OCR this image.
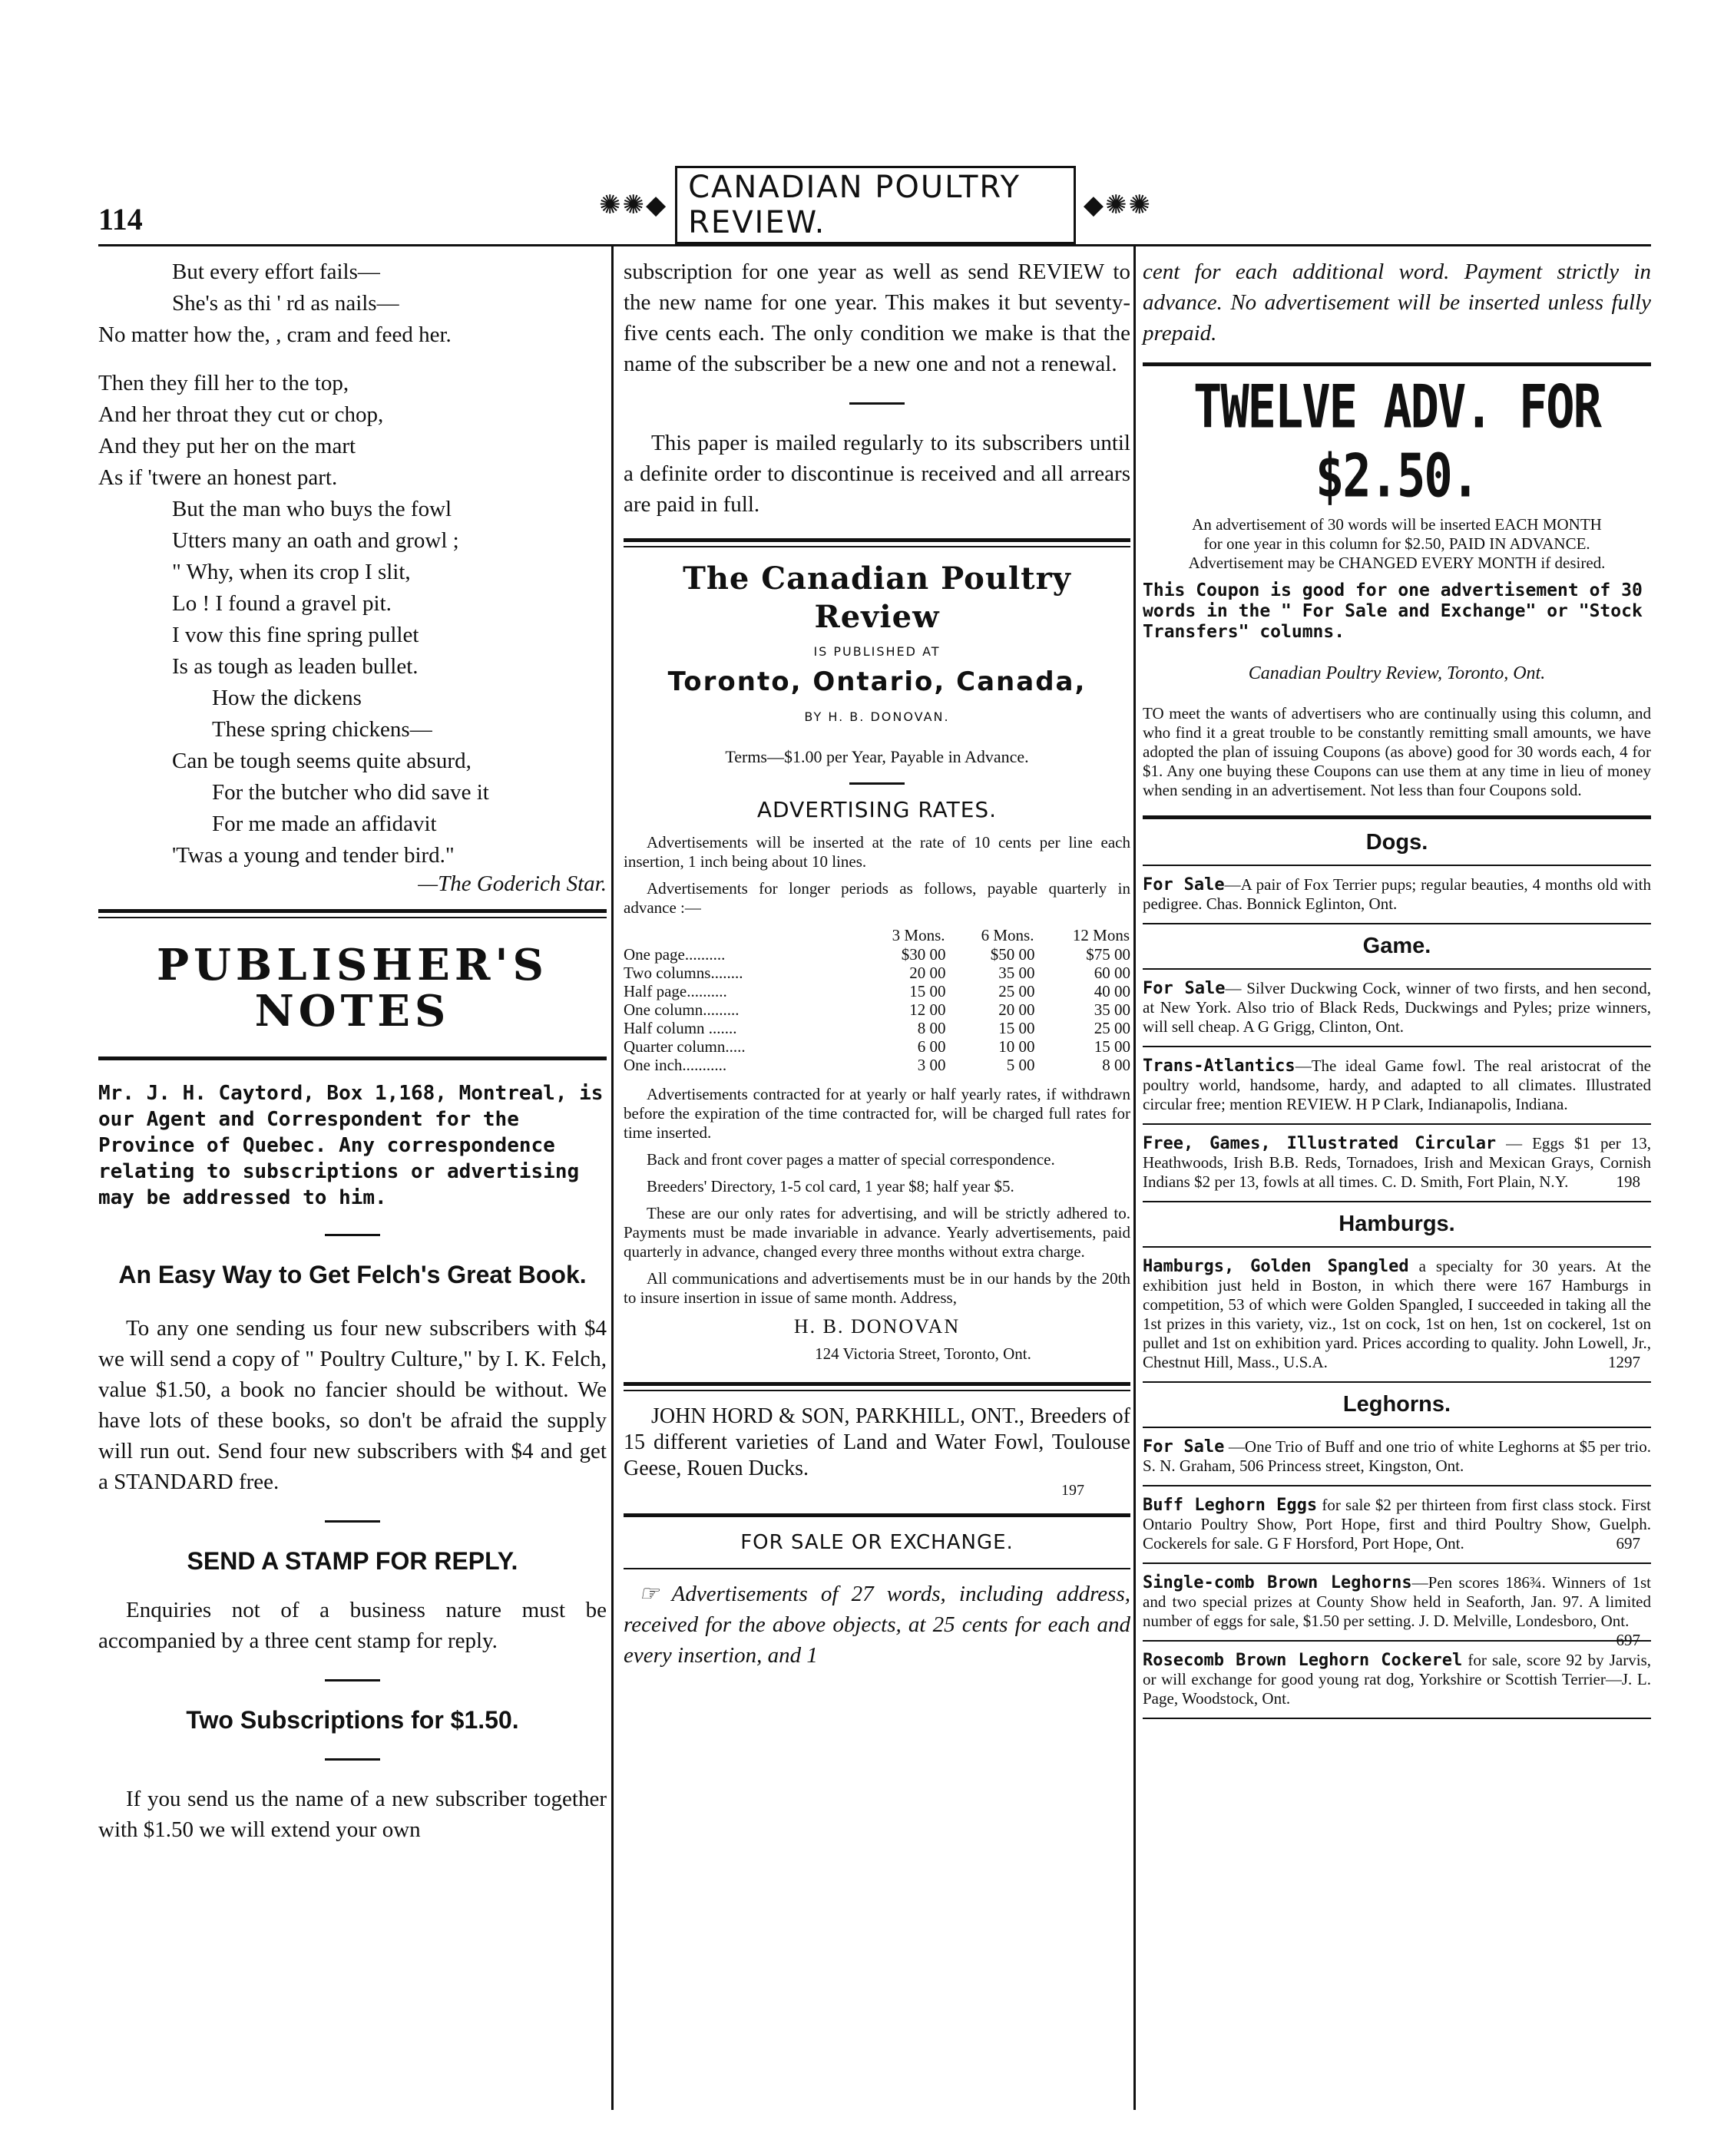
114	✺✺◆
CANADIAN POULTRY REVIEW.	◆✺✺

But every effort fails—

She's as thi ' rd as nails—

No matter how the, , cram and feed her.

Then they fill her to the top,

And her throat they cut or chop,

And they put her on the mart

As if 'twere an honest part.

But the man who buys the fowl

Utters many an oath and growl ;

" Why, when its crop I slit,

Lo ! I found a gravel pit.

I vow this fine spring pullet

Is as tough as leaden bullet.

How the dickens

These spring chickens—

Can be tough seems quite absurd,

For the butcher who did save it

For me made an affidavit

'Twas a young and tender bird."

—The Goderich Star.

PUBLISHER'S NOTES

Mr. J. H. Caytord, Box 1,168, Montreal, is our Agent and Correspondent for the Province of Quebec. Any correspondence relating to subscriptions or advertising may be addressed to him.

An Easy Way to Get Felch's Great Book.

To any one sending us four new subscribers with $4 we will send a copy of " Poultry Culture," by I. K. Felch, value $1.50, a book no fancier should be without. We have lots of these books, so don't be afraid the supply will run out. Send four new subscribers with $4 and get a STANDARD free.

SEND A STAMP FOR REPLY.

Enquiries not of a business nature must be accompanied by a three cent stamp for reply.

Two Subscriptions for $1.50.

If you send us the name of a new subscriber together with $1.50 we will extend your own

subscription for one year as well as send REVIEW to the new name for one year. This makes it but seventy-five cents each. The only condition we make is that the name of the subscriber be a new one and not a renewal.

This paper is mailed regularly to its subscribers until a definite order to discontinue is received and all arrears are paid in full.

The Canadian Poultry Review

IS PUBLISHED AT

Toronto, Ontario, Canada,

BY H. B. DONOVAN.

Terms—$1.00 per Year, Payable in Advance.

ADVERTISING RATES.

Advertisements will be inserted at the rate of 10 cents per line each insertion, 1 inch being about 10 lines.

Advertisements for longer periods as follows, payable quarterly in advance :—

	3 Mons.	6 Mons.	12 Mons
One page..........	$30 00	$50 00	$75 00
Two columns........	20 00	35 00	60 00
Half page..........	15 00	25 00	40 00
One column.........	12 00	20 00	35 00
Half column .......	8 00	15 00	25 00
Quarter column.....	6 00	10 00	15 00
One inch...........	3 00	5 00	8 00

Advertisements contracted for at yearly or half yearly rates, if withdrawn before the expiration of the time contracted for, will be charged full rates for time inserted.

Back and front cover pages a matter of special correspondence.

Breeders' Directory, 1-5 col card, 1 year $8; half year $5.

These are our only rates for advertising, and will be strictly adhered to. Payments must be made invariable in advance. Yearly advertisements, paid quarterly in advance, changed every three months without extra charge.

All communications and advertisements must be in our hands by the 20th to insure insertion in issue of same month. Address,

H. B. DONOVAN

124 Victoria Street, Toronto, Ont.

JOHN HORD & SON, PARKHILL, ONT., Breeders of 15 different varieties of Land and Water Fowl, Toulouse Geese, Rouen Ducks.

197

FOR SALE OR EXCHANGE.

☞ Advertisements of 27 words, including address, received for the above objects, at 25 cents for each and every insertion, and 1

cent for each additional word. Payment strictly in advance. No advertisement will be inserted unless fully prepaid.

TWELVE ADV. FOR $2.50.

An advertisement of 30 words will be inserted EACH MONTH for one year in this column for $2.50, PAID IN ADVANCE. Advertisement may be CHANGED EVERY MONTH if desired.

This Coupon is good for one advertisement of 30 words in the " For Sale and Exchange" or "Stock Transfers" columns.

Canadian Poultry Review, Toronto, Ont.

TO meet the wants of advertisers who are continually using this column, and who find it a great trouble to be constantly remitting small amounts, we have adopted the plan of issuing Coupons (as above) good for 30 words each, 4 for $1. Any one buying these Coupons can use them at any time in lieu of money when sending in an advertisement. Not less than four Coupons sold.

Dogs.

For Sale—A pair of Fox Terrier pups; regular beauties, 4 months old with pedigree. Chas. Bonnick Eglinton, Ont.

Game.

For Sale— Silver Duckwing Cock, winner of two firsts, and hen second, at New York. Also trio of Black Reds, Duckwings and Pyles; prize winners, will sell cheap. A G Grigg, Clinton, Ont.

Trans-Atlantics—The ideal Game fowl. The real aristocrat of the poultry world, handsome, hardy, and adapted to all climates. Illustrated circular free; mention REVIEW. H P Clark, Indianapolis, Indiana.

Free, Games, Illustrated Circular — Eggs $1 per 13, Heathwoods, Irish B.B. Reds, Tornadoes, Irish and Mexican Grays, Cornish Indians $2 per 13, fowls at all times. C. D. Smith, Fort Plain, N.Y.	198

Hamburgs.

Hamburgs, Golden Spangled a specialty for 30 years. At the exhibition just held in Boston, in which there were 167 Hamburgs in competition, 53 of which were Golden Spangled, I succeeded in taking all the 1st prizes in this variety, viz., 1st on cock, 1st on hen, 1st on cockerel, 1st on pullet and 1st on exhibition yard. Prices according to quality. John Lowell, Jr., Chestnut Hill, Mass., U.S.A.	1297

Leghorns.

For Sale —One Trio of Buff and one trio of white Leghorns at $5 per trio. S. N. Graham, 506 Princess street, Kingston, Ont.

Buff Leghorn Eggs for sale $2 per thirteen from first class stock. First Ontario Poultry Show, Port Hope, first and third Poultry Show, Guelph. Cockerels for sale. G F Horsford, Port Hope, Ont.	697

Single-comb Brown Leghorns—Pen scores 186¾. Winners of 1st and two special prizes at County Show held in Seaforth, Jan. 97. A limited number of eggs for sale, $1.50 per setting. J. D. Melville, Londesboro, Ont.
697

Rosecomb Brown Leghorn Cockerel for sale, score 92 by Jarvis, or will exchange for good young rat dog, Yorkshire or Scottish Terrier—J. L. Page, Woodstock, Ont.
